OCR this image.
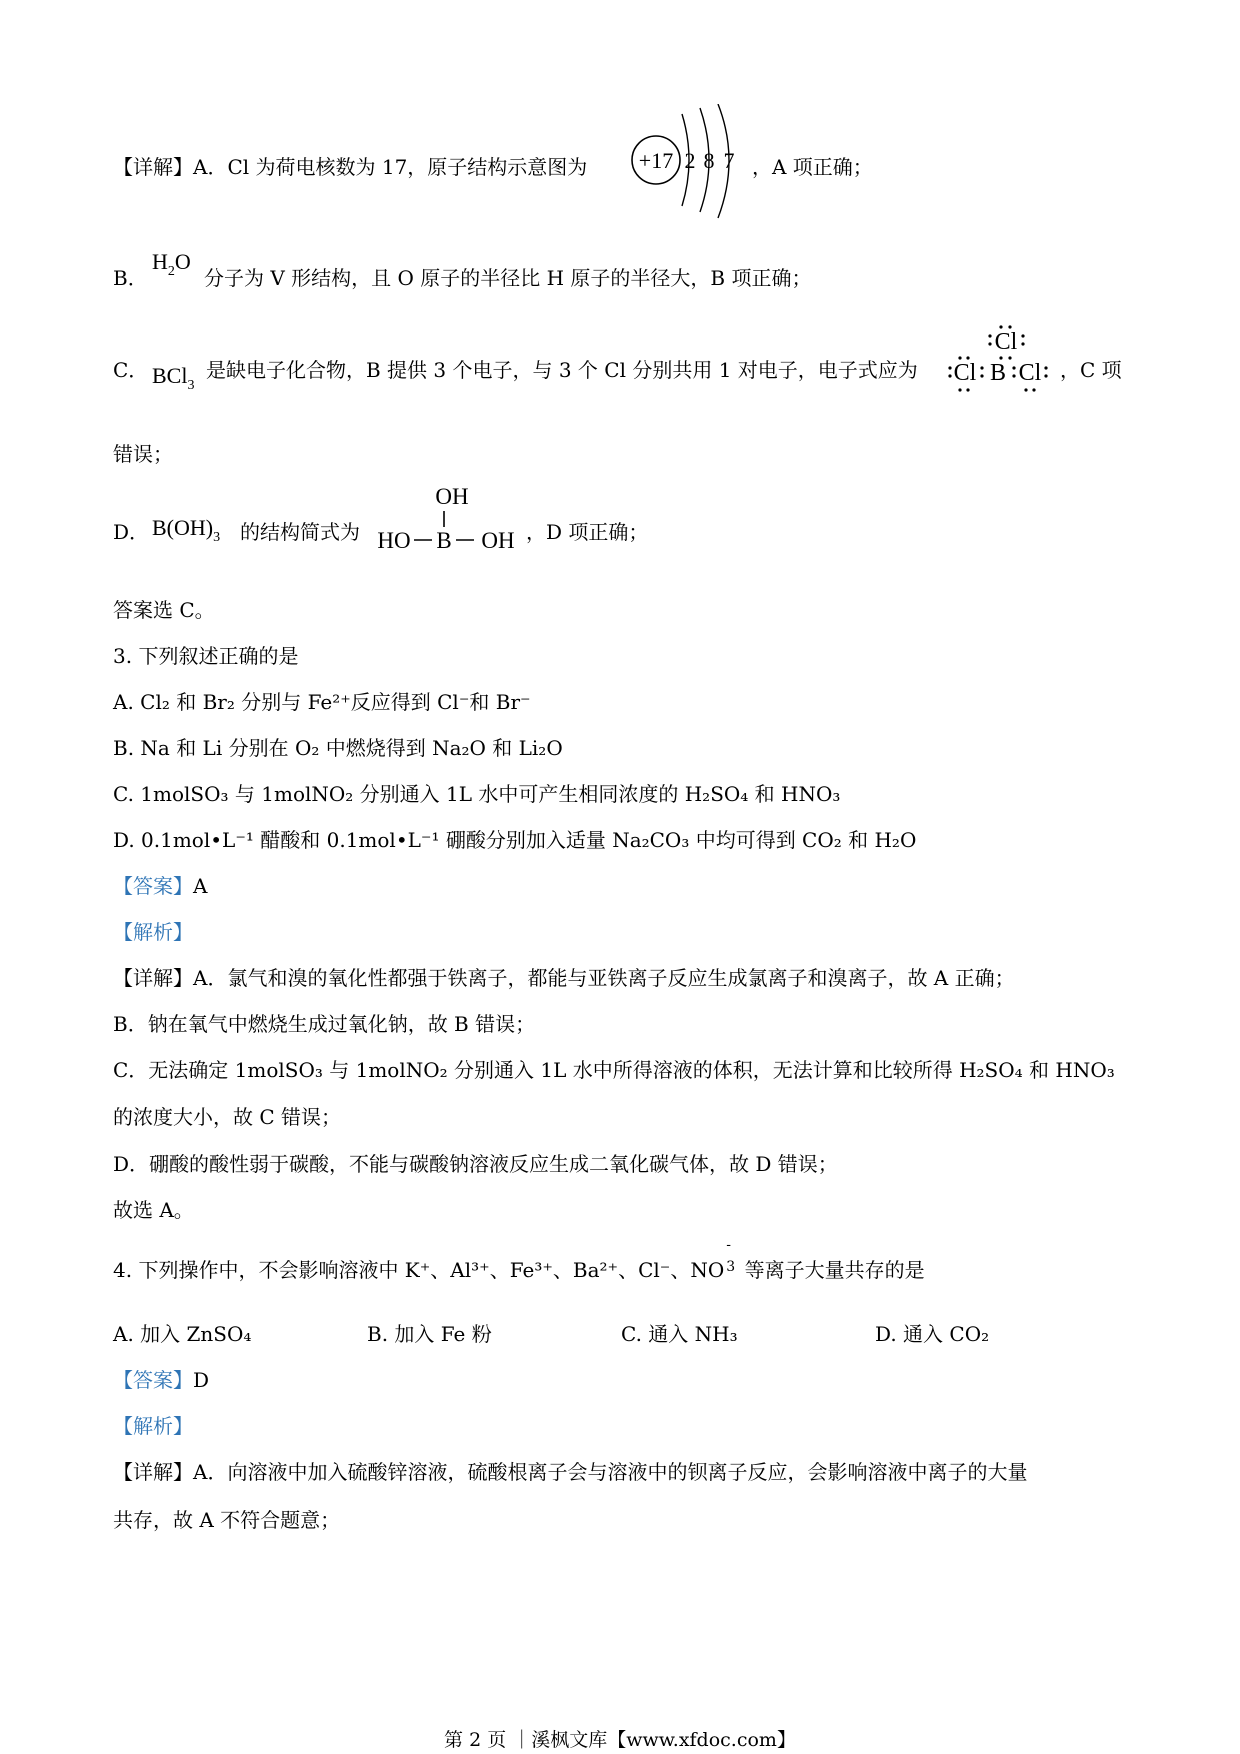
【详解】A．Cl 为荷电核数为 17，原子结构示意图为 +17 2 8 7 ，A 项正确；
B．
$H_2O$
分子为 V 形结构，且 O 原子的半径比 H 原子的半径大，B 项正确；
C． BCl$_3$
是缺电子化合物，B 提供 3 个电子，与 3 个 Cl 分别共用 1 对电子，电子式应为
Cl
Cl B Cl ，C 项
错误；
D． $B(OH)_3$ 的结构简式为
OH
HO B OH ，D 项正确；
答案选 C。
3. 下列叙述正确的是
A. Cl₂ 和 Br₂ 分别与 Fe²⁺反应得到 Cl⁻和 Br⁻
B. Na 和 Li 分别在 O₂ 中燃烧得到 Na₂O 和 Li₂O
C. 1molSO₃ 与 1molNO₂ 分别通入 1L 水中可产生相同浓度的 H₂SO₄ 和 HNO₃
D. 0.1mol•L⁻¹ 醋酸和 0.1mol•L⁻¹ 硼酸分别加入适量 Na₂CO₃ 中均可得到 CO₂ 和 H₂O
【答案】A
【解析】
【详解】A．氯气和溴的氧化性都强于铁离子，都能与亚铁离子反应生成氯离子和溴离子，故 A 正确；
B．钠在氧气中燃烧生成过氧化钠，故 B 错误；
C．无法确定 1molSO₃ 与 1molNO₂ 分别通入 1L 水中所得溶液的体积，无法计算和比较所得 H₂SO₄ 和 HNO₃
的浓度大小，故 C 错误；
D．硼酸的酸性弱于碳酸，不能与碳酸钠溶液反应生成二氧化碳气体，故 D 错误；
故选 A。
4. 下列操作中，不会影响溶液中 K⁺、Al³⁺、Fe³⁺、Ba²⁺、Cl⁻、NO
-
3 等离子大量共存的是
A. 加入 ZnSO₄	B. 加入 Fe 粉	C. 通入 NH₃	D. 通入 CO₂
【答案】D
【解析】
【详解】A．向溶液中加入硫酸锌溶液，硫酸根离子会与溶液中的钡离子反应，会影响溶液中离子的大量
共存，故 A 不符合题意；
第 2 页 ｜溪枫文库【www.xfdoc.com】
